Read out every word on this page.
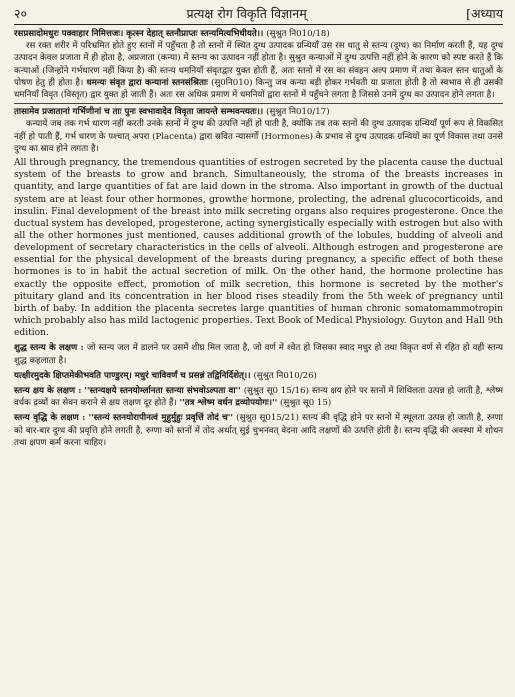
२०	प्रत्यक्ष रोग विकृति विज्ञानम्	[अध्याय

रसप्रसादोमधुरः पक्वाहार निमित्तजः। कृत्स्न देहात् स्तनौप्राप्तः स्तन्यमित्यभिधीयते।। (सुश्रुत नि010/18)

रस रक्त शरीर में परिभ्रमित होते हुए स्तनों में पहुँचता है तो स्तनों में स्थित दुग्ध उत्पादक ग्रन्थियाँ उस रस धातु से स्तन्य (दुग्ध) का निर्माण करती हैं, यह दुग्ध उत्पादन केवल प्रजाता में ही होता है, अप्रजाता (कन्या) में स्तन्य का उत्पादन नहीं होता है। सुश्रुत कन्याओं में दुग्ध उत्पत्ति नहीं होने के कारण को स्पष्ट करते हैं कि कन्याओं (जिन्होंने गर्भधारण नहीं किया है) की स्तन्य धमनियाँ संवृतद्वार युक्त होती हैं, अतः स्तनों में रस का संवहन अल्प प्रमाण में तथा केवल स्तन धातुओं के पोषण हेतु ही होता है। धमन्यः संवृत द्वारा कन्यानां स्तनसंश्रिताः (सु0नि010) किन्तु जब कन्या बड़ी होकर गर्भवती या प्रजाता होती है तो स्वभाव से ही उसकी धमनियाँ विवृत (विस्तृत) द्वार युक्त हो जाती हैं। अतः रस अधिक प्रमाण में धमनियों द्वारा स्तनों में पहुँचने लगता है जिससे उनमें दुग्ध का उत्पादन होने लगता है।

तासामेव प्रजातानां गर्भिणीनां च ताः पुनः स्वभावादेव विवृता जायन्ते सम्भवन्त्यतः।। (सुश्रुत नि010/17)

कन्यायें जब तक गर्भ धारण नहीं करती उनके स्तनों में दुग्ध की उत्पत्ति नहीं हो पाती है, क्योंकि तब तक स्तनों की दुग्ध उत्पादक ग्रन्थियाँ पूर्ण रूप से विकसित नहीं हो पाती हैं, गर्भ धारण के पश्चात् अपरा (Placenta) द्वारा स्रवित न्यासर्गों (Hormones) के प्रभाव से दुग्ध उत्पादक ग्रन्थियों का पूर्ण विकास तथा उनसे दुग्ध का स्राव होने लगता है।

All through pregnancy, the tremendous quantities of estrogen secreted by the placenta cause the ductual system of the breasts to grow and branch. Simultaneously, the stroma of the breasts increases in quantity, and large quantities of fat are laid down in the stroma. Also important in growth of the ductual system are at least four other hormones, growthe hormone, prolecting, the adrenal glucocorticoids, and insulin. Final development of the breast into milk secreting organs also requires progesterone. Once the ductual system has developed, progesterone, acting synergistically especially with estrogen but also with all the other hormones just mentioned, causes additional growth of the lobules, budding of alveoli and development of secretary characteristics in the cells of alveoli. Although estrogen and progesterone are essential for the physical development of the breasts during pregnancy, a specific effect of both these hormones is to in habit the actual secretion of milk. On the other hand, the hormone prolectine has exactly the opposite effect, promotion of milk secretion, this hormone is secreted by the mother's pituitary gland and its concentration in her blood rises steadily from the 5th week of pregnancy until birth of baby. In addition the placenta secretes large quantities of human chronic somatomammotropin which probably also has mild lactogenic properties. Text Book of Medical Physiology. Guyton and Hall 9th edition.

शुद्ध स्तन्य के लक्षण : जो स्तन्य जल में डालने पर उसमें शीघ्र मिल जाता है, जो वर्ण में श्वेत हो जिसका स्वाद मधुर हो तथा विकृत वर्ण से रहित हो वही स्तन्य शुद्ध कहलाता है।

यत्क्षीरमुदके क्षिप्तमेकीभवति पाण्डुरम्। मधुरं चाविवर्णं च प्रसन्नं तद्विनिर्दिशेत्।। (सुश्रुत नि010/26)

स्तन्य क्षय के लक्षण : ''स्तन्यक्षये स्तनयोर्म्लानता स्तन्या संभवोऽल्पता वा'' (सुश्रुत सू0 15/16) स्तन्य क्षय होने पर स्तनों में शिथिलता उत्पन्न हो जाती है, श्लेष्म वर्धक द्रव्यों का सेवन कराने से क्षय लक्षण दूर होते हैं। ''तत्र श्लेष्म वर्धन द्रव्योपयोगः।'' (सुश्रुत सू0 15)

स्तन्य वृद्धि के लक्षण : ''स्तन्यं स्तनयोरापीनत्वं मुहुर्मुहुः प्रवृत्तिं तोदं च'' (सुश्रुत सू015/21) स्तन्य की वृद्धि होने पर स्तनों में स्थूलता उत्पन्न हो जाती है, रुग्णा को बार-बार दुग्ध की प्रवृत्ति होने लगती है, रुग्णा को स्तनों में तोद अर्थात् सुई चुभनवत् वेदना आदि लक्षणों की उत्पत्ति होती है। स्तन्य वृद्धि की अवस्था में शोधन तथा क्षपण कर्म करना चाहिए।
